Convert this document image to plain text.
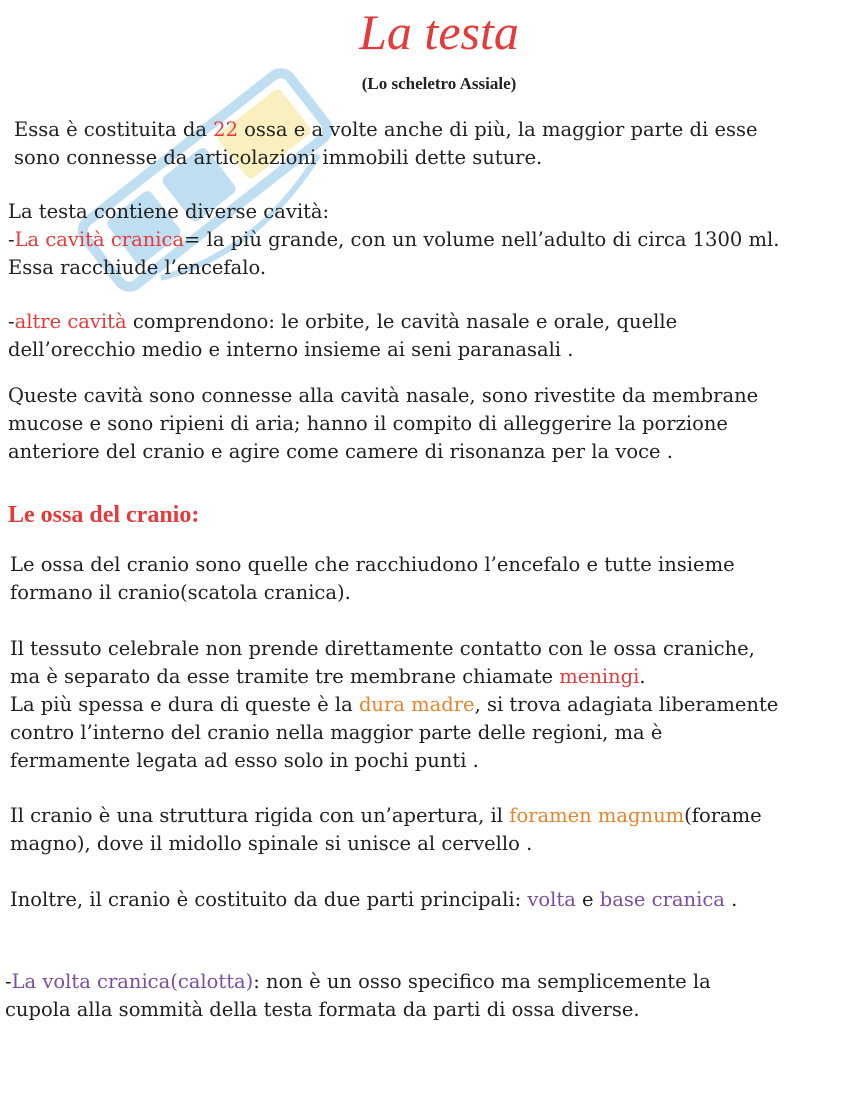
La testa
(Lo scheletro Assiale)

Essa è costituita da 22 ossa e a volte anche di più, la maggior parte di esse
sono connesse da articolazioni immobili dette suture.

La testa contiene diverse cavità:
-La cavità cranica= la più grande, con un volume nell’adulto di circa 1300 ml.
Essa racchiude l’encefalo.

-altre cavità comprendono: le orbite, le cavità nasale e orale, quelle
dell’orecchio medio e interno insieme ai seni paranasali .

Queste cavità sono connesse alla cavità nasale, sono rivestite da membrane
mucose e sono ripieni di aria; hanno il compito di alleggerire la porzione
anteriore del cranio e agire come camere di risonanza per la voce .

Le ossa del cranio:

Le ossa del cranio sono quelle che racchiudono l’encefalo e tutte insieme
formano il cranio(scatola cranica).

Il tessuto celebrale non prende direttamente contatto con le ossa craniche,
ma è separato da esse tramite tre membrane chiamate meningi.
La più spessa e dura di queste è la dura madre, si trova adagiata liberamente
contro l’interno del cranio nella maggior parte delle regioni, ma è
fermamente legata ad esso solo in pochi punti .

Il cranio è una struttura rigida con un’apertura, il foramen magnum(forame
magno), dove il midollo spinale si unisce al cervello .

Inoltre, il cranio è costituito da due parti principali: volta e base cranica .

-La volta cranica(calotta): non è un osso specifico ma semplicemente la
cupola alla sommità della testa formata da parti di ossa diverse.
